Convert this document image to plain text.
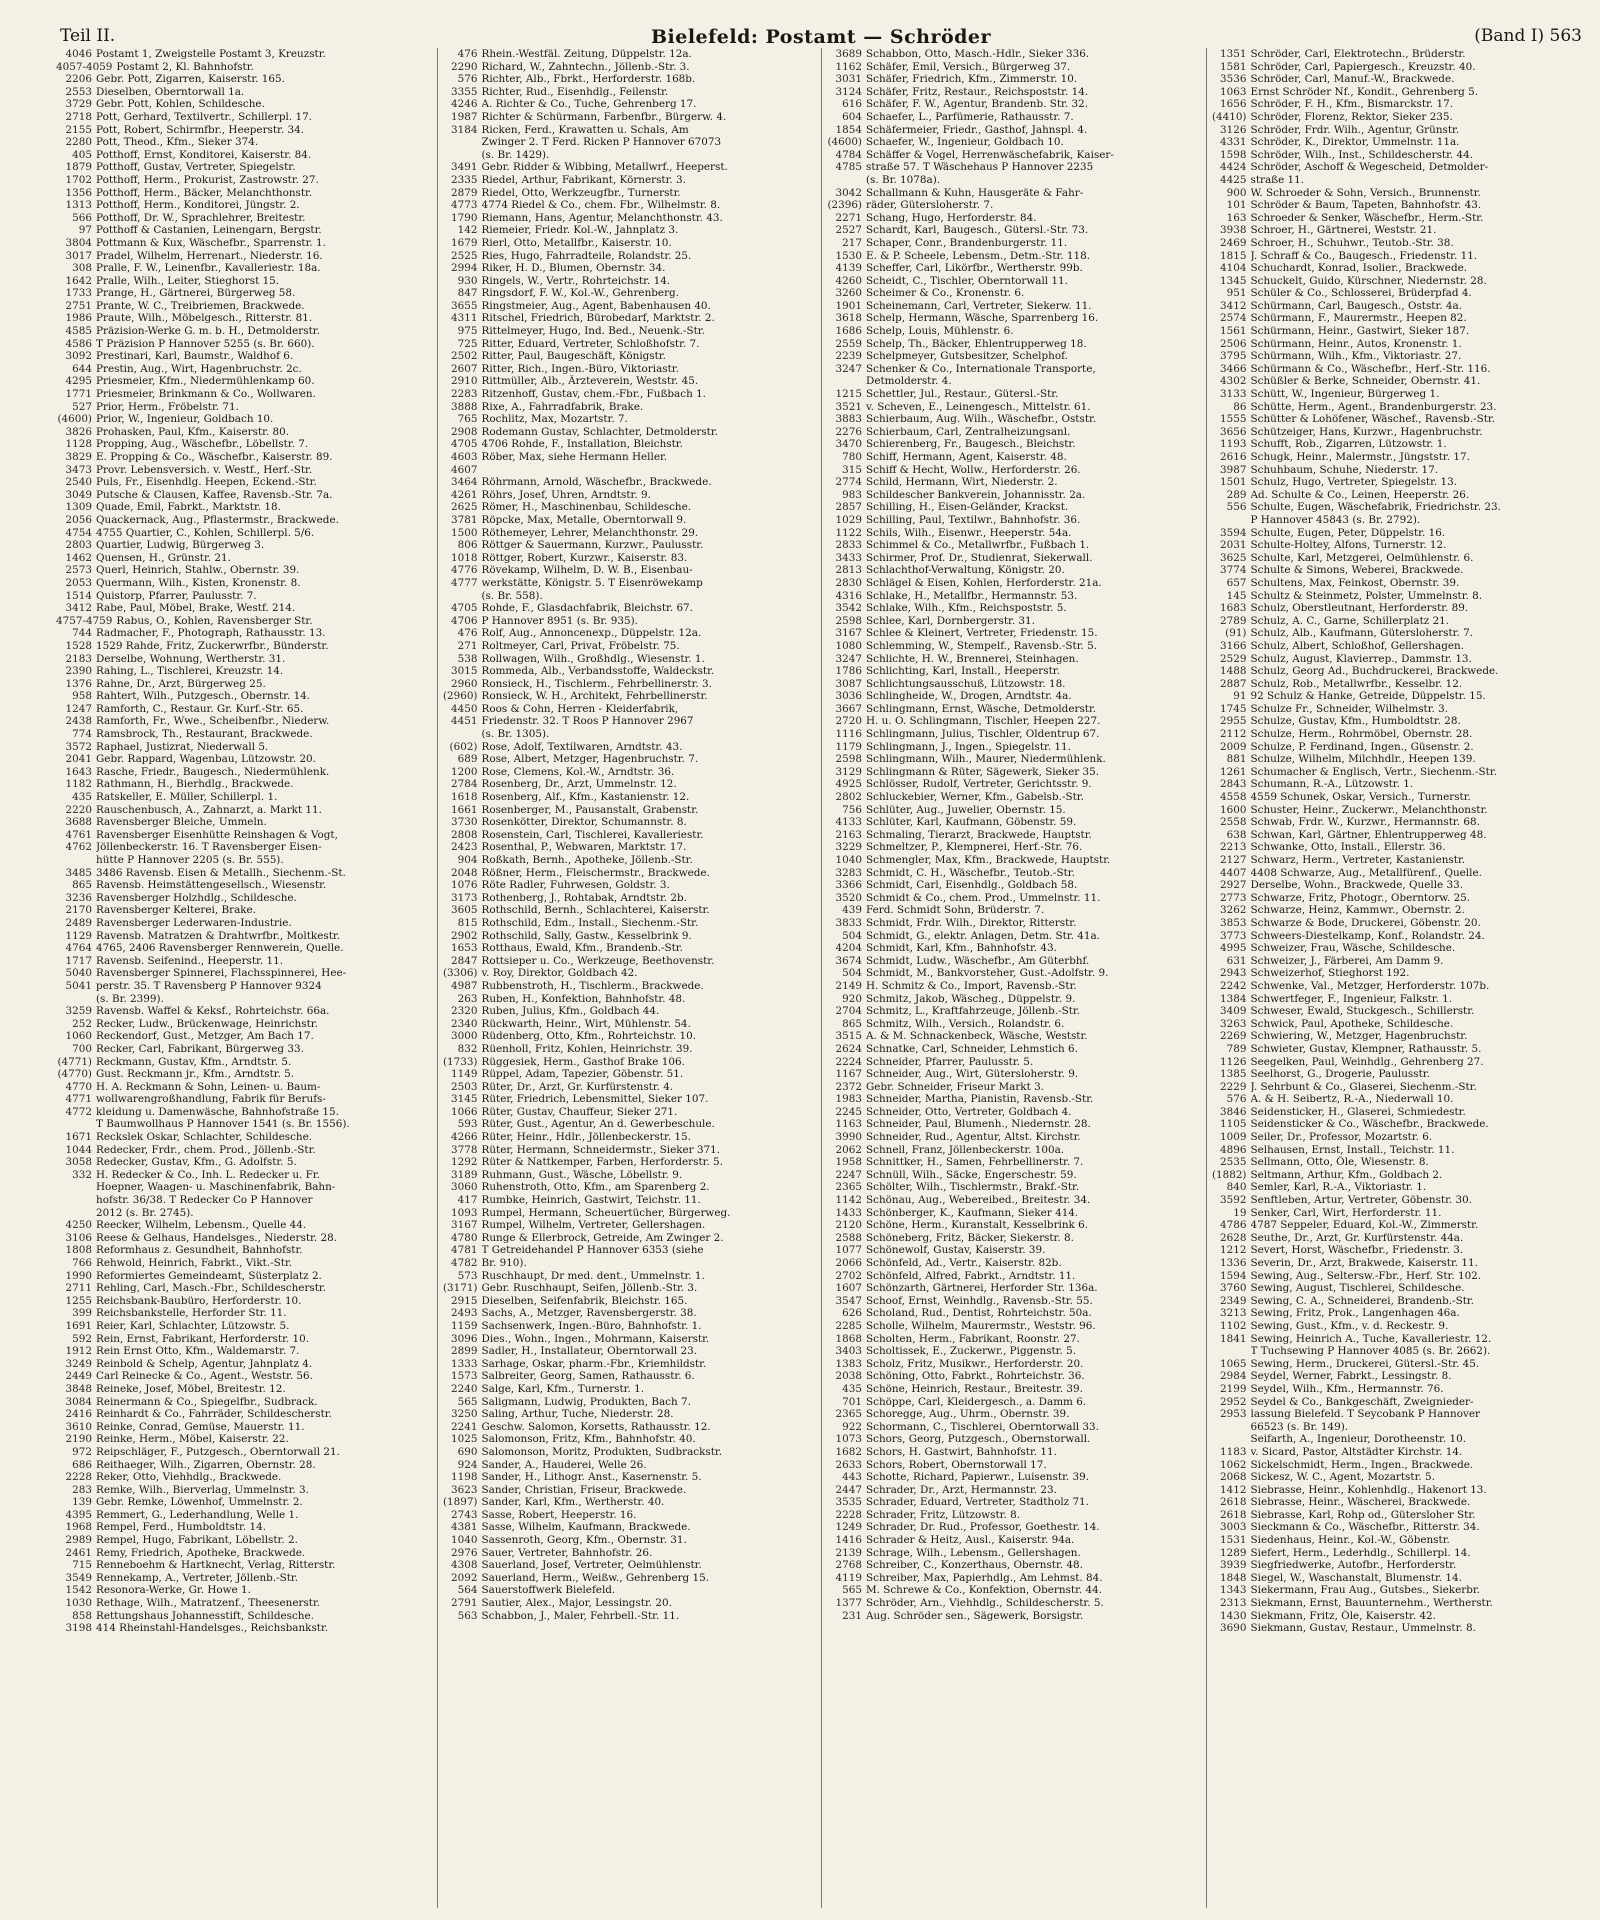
Teil II.	Bielefeld: Postamt — Schröder	(Band I) 563
4046 Postamt 1, Zweigstelle Postamt 3, Kreuzstr.
4057-4059 Postamt 2, Kl. Bahnhofstr.
2206 Gebr. Pott, Zigarren, Kaiserstr. 165.
2553 Dieselben, Oberntorwall 1a.
3729 Gebr. Pott, Kohlen, Schildesche.
2718 Pott, Gerhard, Textilvertr., Schillerpl. 17.
2155 Pott, Robert, Schirmfbr., Heeperstr. 34.
2280 Pott, Theod., Kfm., Sieker 374.
405 Potthoff, Ernst, Konditorei, Kaiserstr. 84.
1879 Potthoff, Gustav, Vertreter, Spiegelstr.
1702 Potthoff, Herm., Prokurist, Zastrowstr. 27.
1356 Potthoff, Herm., Bäcker, Melanchthonstr.
1313 Potthoff, Herm., Konditorei, Jüngstr. 2.
566 Potthoff, Dr. W., Sprachlehrer, Breitestr.
97 Potthoff & Castanien, Leinengarn, Bergstr.
3804 Pottmann & Kux, Wäschefbr., Sparrenstr. 1.
3017 Pradel, Wilhelm, Herrenart., Niederstr. 16.
308 Pralle, F. W., Leinenfbr., Kavalleriestr. 18a.
1642 Pralle, Wilh., Leiter, Stieghorst 15.
1733 Prange, H., Gärtnerei, Bürgerweg 58.
2751 Prante, W. C., Treibriemen, Brackwede.
1986 Praute, Wilh., Möbelgesch., Ritterstr. 81.
4585 Präzision-Werke G. m. b. H., Detmolderstr.
4586 T Präzision P Hannover 5255 (s. Br. 660).
3092 Prestinari, Karl, Baumstr., Waldhof 6.
644 Prestin, Aug., Wirt, Hagenbruchstr. 2c.
4295 Priesmeier, Kfm., Niedermühlenkamp 60.
1771 Priesmeier, Brinkmann & Co., Wollwaren.
527 Prior, Herm., Fröbelstr. 71.
(4600) Prior, W., Ingenieur, Goldbach 10.
3826 Prohasken, Paul, Kfm., Kaiserstr. 80.
1128 Propping, Aug., Wäschefbr., Löbellstr. 7.
3829 E. Propping & Co., Wäschefbr., Kaiserstr. 89.
3473 Provr. Lebensversich. v. Westf., Herf.-Str.
2540 Puls, Fr., Eisenhdlg. Heepen, Eckend.-Str.
3049 Putsche & Clausen, Kaffee, Ravensb.-Str. 7a.
1309 Quade, Emil, Fabrkt., Marktstr. 18.
2056 Quackernack, Aug., Pflastermstr., Brackwede.
4754 4755 Quartier, C., Kohlen, Schillerpl. 5/6.
2803 Quartier, Ludwig, Bürgerweg 3.
1462 Quensen, H., Grünstr. 21.
2573 Querl, Heinrich, Stahlw., Obernstr. 39.
2053 Quermann, Wilh., Kisten, Kronenstr. 8.
1514 Quistorp, Pfarrer, Paulusstr. 7.
3412 Rabe, Paul, Möbel, Brake, Westf. 214.
4757-4759 Rabus, O., Kohlen, Ravensberger Str.
744 Radmacher, F., Photograph, Rathausstr. 13.
1528 1529 Rahde, Fritz, Zuckerwrfbr., Bünderstr.
2183 Derselbe, Wohnung, Wertherstr. 31.
2390 Rahing, L., Tischlerei, Kreuzstr. 14.
1376 Rahne, Dr., Arzt, Bürgerweg 25.
958 Rahtert, Wilh., Putzgesch., Obernstr. 14.
1247 Ramforth, C., Restaur. Gr. Kurf.-Str. 65.
2438 Ramforth, Fr., Wwe., Scheibenfbr., Niederw.
774 Ramsbrock, Th., Restaurant, Brackwede.
3572 Raphael, Justizrat, Niederwall 5.
2041 Gebr. Rappard, Wagenbau, Lützowstr. 20.
1643 Rasche, Friedr., Baugesch., Niedermühlenk.
1182 Rathmann, H., Bierhdlg., Brackwede.
435 Ratskeller, E. Müller, Schillerpl. 1.
2220 Rauschenbusch, A., Zahnarzt, a. Markt 11.
3688 Ravensberger Bleiche, Ummeln.
4761 Ravensberger Eisenhütte Reinshagen & Vogt,
4762 Jöllenbeckerstr. 16. T Ravensberger Eisen-
hütte P Hannover 2205 (s. Br. 555).
3485 3486 Ravensb. Eisen & Metallh., Siechenm.-St.
865 Ravensb. Heimstättengesellsch., Wiesenstr.
3236 Ravensberger Holzhdlg., Schildesche.
2170 Ravensberger Kelterei, Brake.
2489 Ravensberger Lederwaren-Industrie.
1129 Ravensb. Matratzen & Drahtwrfbr., Moltkestr.
4764 4765, 2406 Ravensberger Rennwerein, Quelle.
1717 Ravensb. Seifenind., Heeperstr. 11.
5040 Ravensberger Spinnerei, Flachsspinnerei, Hee-
5041 perstr. 35. T Ravensberg P Hannover 9324
(s. Br. 2399).
3259 Ravensb. Waffel & Keksf., Rohrteichstr. 66a.
252 Recker, Ludw., Brückenwage, Heinrichstr.
1060 Reckendorf, Gust., Metzger, Am Bach 17.
700 Recker, Carl, Fabrikant, Bürgerweg 33.
(4771) Reckmann, Gustav, Kfm., Arndtstr. 5.
(4770) Gust. Reckmann jr., Kfm., Arndtstr. 5.
4770 H. A. Reckmann & Sohn, Leinen- u. Baum-
4771 wollwarengroßhandlung, Fabrik für Berufs-
4772 kleidung u. Damenwäsche, Bahnhofstraße 15.
T Baumwollhaus P Hannover 1541 (s. Br. 1556).
1671 Reckslek Oskar, Schlachter, Schildesche.
1044 Redecker, Frdr., chem. Prod., Jöllenb.-Str.
3058 Redecker, Gustav, Kfm., G. Adolfstr. 5.
332 H. Redecker & Co., Inh. L. Redecker u. Fr.
Hoepner, Waagen- u. Maschinenfabrik, Bahn-
hofstr. 36/38. T Redecker Co P Hannover
2012 (s. Br. 2745).
4250 Reecker, Wilhelm, Lebensm., Quelle 44.
3106 Reese & Gelhaus, Handelsges., Niederstr. 28.
1808 Reformhaus z. Gesundheit, Bahnhofstr.
766 Rehwold, Heinrich, Fabrkt., Vikt.-Str.
1990 Reformiertes Gemeindeamt, Süsterplatz 2.
2711 Rehling, Carl, Masch.-Fbr., Schildescherstr.
1255 Reichsbank-Baubüro, Herforderstr. 10.
399 Reichsbankstelle, Herforder Str. 11.
1691 Reier, Karl, Schlachter, Lützowstr. 5.
592 Rein, Ernst, Fabrikant, Herforderstr. 10.
1912 Rein Ernst Otto, Kfm., Waldemarstr. 7.
3249 Reinbold & Schelp, Agentur, Jahnplatz 4.
2449 Carl Reinecke & Co., Agent., Weststr. 56.
3848 Reineke, Josef, Möbel, Breitestr. 12.
3084 Reinermann & Co., Spiegelfbr., Sudbrack.
2416 Reinhardt & Co., Fahrräder, Schildescherstr.
3610 Reinke, Conrad, Gemüse, Mauerstr. 11.
2190 Reinke, Herm., Möbel, Kaiserstr. 22.
972 Reipschläger, F., Putzgesch., Oberntorwall 21.
686 Reithaeger, Wilh., Zigarren, Obernstr. 28.
2228 Reker, Otto, Viehhdlg., Brackwede.
283 Remke, Wilh., Bierverlag, Ummelnstr. 3.
139 Gebr. Remke, Löwenhof, Ummelnstr. 2.
4395 Remmert, G., Lederhandlung, Welle 1.
1968 Rempel, Ferd., Humboldtstr. 14.
2989 Rempel, Hugo, Fabrikant, Löbellstr. 2.
2461 Remy, Friedrich, Apotheke, Brackwede.
715 Renneboehm & Hartknecht, Verlag, Ritterstr.
3549 Rennekamp, A., Vertreter, Jöllenb.-Str.
1542 Resonora-Werke, Gr. Howe 1.
1030 Rethage, Wilh., Matratzenf., Theesenerstr.
858 Rettungshaus Johannesstift, Schildesche.
3198 414 Rheinstahl-Handelsges., Reichsbankstr.
476 Rhein.-Westfäl. Zeitung, Düppelstr. 12a.
2290 Richard, W., Zahntechn., Jöllenb.-Str. 3.
576 Richter, Alb., Fbrkt., Herforderstr. 168b.
3355 Richter, Rud., Eisenhdlg., Feilenstr.
4246 A. Richter & Co., Tuche, Gehrenberg 17.
1987 Richter & Schürmann, Farbenfbr., Bürgerw. 4.
3184 Ricken, Ferd., Krawatten u. Schals, Am
Zwinger 2. T Ferd. Ricken P Hannover 67073
(s. Br. 1429).
3491 Gebr. Ridder & Wibbing, Metallwrf., Heeperst.
2335 Riedel, Arthur, Fabrikant, Körnerstr. 3.
2879 Riedel, Otto, Werkzeugfbr., Turnerstr.
4773 4774 Riedel & Co., chem. Fbr., Wilhelmstr. 8.
1790 Riemann, Hans, Agentur, Melanchthonstr. 43.
142 Riemeier, Friedr. Kol.-W., Jahnplatz 3.
1679 Rierl, Otto, Metallfbr., Kaiserstr. 10.
2525 Ries, Hugo, Fahrradteile, Rolandstr. 25.
2994 Riker, H. D., Blumen, Obernstr. 34.
930 Ringels, W., Vertr., Rohrteichstr. 14.
847 Ringsdorf, F. W., Kol.-W., Gehrenberg.
3655 Ringstmeier, Aug., Agent, Babenhausen 40.
4311 Ritschel, Friedrich, Bürobedarf, Marktstr. 2.
975 Rittelmeyer, Hugo, Ind. Bed., Neuenk.-Str.
725 Ritter, Eduard, Vertreter, Schloßhofstr. 7.
2502 Ritter, Paul, Baugeschäft, Königstr.
2607 Ritter, Rich., Ingen.-Büro, Viktoriastr.
2910 Rittmüller, Alb., Ärzteverein, Weststr. 45.
2283 Ritzenhoff, Gustav, chem.-Fbr., Fußbach 1.
3888 Rixe, A., Fahrradfabrik, Brake.
765 Rochlitz, Max, Mozartstr. 7.
2908 Rodemann Gustav, Schlachter, Detmolderstr.
4705 4706 Rohde, F., Installation, Bleichstr.
4603 Röber, Max, siehe Hermann Heller.
4607
3464 Röhrmann, Arnold, Wäschefbr., Brackwede.
4261 Röhrs, Josef, Uhren, Arndtstr. 9.
2625 Römer, H., Maschinenbau, Schildesche.
3781 Röpcke, Max, Metalle, Oberntorwall 9.
1500 Röthemeyer, Lehrer, Melanchthonstr. 29.
806 Röttger & Sauermann, Kurzwr., Paulusstr.
1018 Röttger, Robert, Kurzwr., Kaiserstr. 83.
4776 Rövekamp, Wilhelm, D. W. B., Eisenbau-
4777 werkstätte, Königstr. 5. T Eisenröwekamp
(s. Br. 558).
4705 Rohde, F., Glasdachfabrik, Bleichstr. 67.
4706 P Hannover 8951 (s. Br. 935).
476 Rolf, Aug., Annoncenexp., Düppelstr. 12a.
271 Roltmeyer, Carl, Privat, Fröbelstr. 75.
538 Rollwagen, Wilh., Großhdlg., Wiesenstr. 1.
3015 Rommeda, Alb., Verbandsstoffe, Waldeckstr.
2960 Ronsieck, H., Tischlerm., Fehrbellinerstr. 3.
(2960) Ronsieck, W. H., Architekt, Fehrbellinerstr.
4450 Roos & Cohn, Herren - Kleiderfabrik,
4451 Friedenstr. 32. T Roos P Hannover 2967
(s. Br. 1305).
(602) Rose, Adolf, Textilwaren, Arndtstr. 43.
689 Rose, Albert, Metzger, Hagenbruchstr. 7.
1200 Rose, Clemens, Kol.-W., Arndtstr. 36.
2784 Rosenberg, Dr., Arzt, Ummelnstr. 12.
1618 Rosenberg, Alf., Kfm., Kastanienstr. 12.
1661 Rosenberger, M., Pausanstalt, Grabenstr.
3730 Rosenkötter, Direktor, Schumannstr. 8.
2808 Rosenstein, Carl, Tischlerei, Kavalleriestr.
2423 Rosenthal, P., Webwaren, Marktstr. 17.
904 Roßkath, Bernh., Apotheke, Jöllenb.-Str.
2048 Rößner, Herm., Fleischermstr., Brackwede.
1076 Röte Radler, Fuhrwesen, Goldstr. 3.
3173 Rothenberg, J., Rohtabak, Arndtstr. 2b.
3605 Rothschild, Bernh., Schlachterei, Kaiserstr.
815 Rothschild, Edm., Install., Siechenm.-Str.
2902 Rothschild, Sally, Gastw., Kesselbrink 9.
1653 Rotthaus, Ewald, Kfm., Brandenb.-Str.
2847 Rottsieper u. Co., Werkzeuge, Beethovenstr.
(3306) v. Roy, Direktor, Goldbach 42.
4987 Rubbenstroth, H., Tischlerm., Brackwede.
263 Ruben, H., Konfektion, Bahnhofstr. 48.
2320 Ruben, Julius, Kfm., Goldbach 44.
2340 Rückwarth, Heinr., Wirt, Mühlenstr. 54.
3000 Rüdenberg, Otto, Kfm., Rohrteichstr. 10.
832 Rüenholl, Fritz, Kohlen, Heinrichstr. 39.
(1733) Rüggesiek, Herm., Gasthof Brake 106.
1149 Rüppel, Adam, Tapezier, Göbenstr. 51.
2503 Rüter, Dr., Arzt, Gr. Kurfürstenstr. 4.
3145 Rüter, Friedrich, Lebensmittel, Sieker 107.
1066 Rüter, Gustav, Chauffeur, Sieker 271.
593 Rüter, Gust., Agentur, An d. Gewerbeschule.
4266 Rüter, Heinr., Hdlr., Jöllenbeckerstr. 15.
3778 Rüter, Hermann, Schneidermstr., Sieker 371.
1292 Rüter & Nattkemper, Farben, Herforderstr. 5.
3189 Ruhmann, Gust., Wäsche, Löbellstr. 9.
3060 Ruhenstroth, Otto, Kfm., am Sparenberg 2.
417 Rumbke, Heinrich, Gastwirt, Teichstr. 11.
1093 Rumpel, Hermann, Scheuertücher, Bürgerweg.
3167 Rumpel, Wilhelm, Vertreter, Gellershagen.
4780 Runge & Ellerbrock, Getreide, Am Zwinger 2.
4781 T Getreidehandel P Hannover 6353 (siehe
4782 Br. 910).
573 Ruschhaupt, Dr med. dent., Ummelnstr. 1.
(3171) Gebr. Ruschhaupt, Seifen, Jöllenb.-Str. 3.
2915 Dieselben, Seifenfabrik, Bleichstr. 165.
2493 Sachs, A., Metzger, Ravensbergerstr. 38.
1159 Sachsenwerk, Ingen.-Büro, Bahnhofstr. 1.
3096 Dies., Wohn., Ingen., Mohrmann, Kaiserstr.
2899 Sadler, H., Installateur, Oberntorwall 23.
1333 Sarhage, Oskar, pharm.-Fbr., Kriemhildstr.
1573 Salbreiter, Georg, Samen, Rathausstr. 6.
2240 Salge, Karl, Kfm., Turnerstr. 1.
565 Saligmann, Ludwig, Produkten, Bach 7.
3250 Saling, Arthur, Tuche, Niederstr. 28.
2241 Geschw. Salomon, Korsetts, Rathausstr. 12.
1025 Salomonson, Fritz, Kfm., Bahnhofstr. 40.
690 Salomonson, Moritz, Produkten, Sudbrackstr.
924 Sander, A., Hauderei, Welle 26.
1198 Sander, H., Lithogr. Anst., Kasernenstr. 5.
3623 Sander, Christian, Friseur, Brackwede.
(1897) Sander, Karl, Kfm., Wertherstr. 40.
2743 Sasse, Robert, Heeperstr. 16.
4381 Sasse, Wilhelm, Kaufmann, Brackwede.
1040 Sassenroth, Georg, Kfm., Obernstr. 31.
2976 Sauer, Vertreter, Bahnhofstr. 26.
4308 Sauerland, Josef, Vertreter, Oelmühlenstr.
2092 Sauerland, Herm., Weißw., Gehrenberg 15.
564 Sauerstoffwerk Bielefeld.
2791 Sautier, Alex., Major, Lessingstr. 20.
563 Schabbon, J., Maler, Fehrbell.-Str. 11.
3689 Schabbon, Otto, Masch.-Hdlr., Sieker 336.
1162 Schäfer, Emil, Versich., Bürgerweg 37.
3031 Schäfer, Friedrich, Kfm., Zimmerstr. 10.
3124 Schäfer, Fritz, Restaur., Reichspoststr. 14.
616 Schäfer, F. W., Agentur, Brandenb. Str. 32.
604 Schaefer, L., Parfümerie, Rathausstr. 7.
1854 Schäfermeier, Friedr., Gasthof, Jahnspl. 4.
(4600) Schaefer, W., Ingenieur, Goldbach 10.
4784 Schäffer & Vogel, Herrenwäschefabrik, Kaiser-
4785 straße 57. T Wäschehaus P Hannover 2235
(s. Br. 1078a).
3042 Schallmann & Kuhn, Hausgeräte & Fahr-
(2396) räder, Gütersloherstr. 7.
2271 Schang, Hugo, Herforderstr. 84.
2527 Schardt, Karl, Baugesch., Gütersl.-Str. 73.
217 Schaper, Conr., Brandenburgerstr. 11.
1530 E. & P. Scheele, Lebensm., Detm.-Str. 118.
4139 Scheffer, Carl, Likörfbr., Wertherstr. 99b.
4260 Scheidt, C., Tischler, Oberntorwall 11.
3260 Scheimer & Co., Kronenstr. 6.
1901 Scheinemann, Carl, Vertreter, Siekerw. 11.
3618 Schelp, Hermann, Wäsche, Sparrenberg 16.
1686 Schelp, Louis, Mühlenstr. 6.
2559 Schelp, Th., Bäcker, Ehlentrupperweg 18.
2239 Schelpmeyer, Gutsbesitzer, Schelphof.
3247 Schenker & Co., Internationale Transporte,
Detmolderstr. 4.
1215 Schettler, Jul., Restaur., Gütersl.-Str.
3521 v. Scheven, E., Leinengesch., Mittelstr. 61.
3883 Schierbaum, Aug. Wilh., Wäschefbr., Oststr.
2276 Schierbaum, Carl, Zentralheizungsanl.
3470 Schierenberg, Fr., Baugesch., Bleichstr.
780 Schiff, Hermann, Agent, Kaiserstr. 48.
315 Schiff & Hecht, Wollw., Herforderstr. 26.
2774 Schild, Hermann, Wirt, Niederstr. 2.
983 Schildescher Bankverein, Johannisstr. 2a.
2857 Schilling, H., Eisen-Geländer, Krackst.
1029 Schilling, Paul, Textilwr., Bahnhofstr. 36.
1122 Schils, Wilh., Eisenwr., Heeperstr. 54a.
2833 Schimmel & Co., Metallwrfbr., Fußbach 1.
3433 Schirmer, Prof. Dr., Studienrat, Siekerwall.
2813 Schlachthof-Verwaltung, Königstr. 20.
2830 Schlägel & Eisen, Kohlen, Herforderstr. 21a.
4316 Schlake, H., Metallfbr., Hermannstr. 53.
3542 Schlake, Wilh., Kfm., Reichspoststr. 5.
2598 Schlee, Karl, Dornbergerstr. 31.
3167 Schlee & Kleinert, Vertreter, Friedenstr. 15.
1080 Schlemming, W., Stempelf., Ravensb.-Str. 5.
3247 Schlichte, H. W., Brennerei, Steinhagen.
1786 Schlichting, Karl, Install., Heeperstr.
3087 Schlichtungsausschuß, Lützowstr. 18.
3036 Schlingheide, W., Drogen, Arndtstr. 4a.
3667 Schlingmann, Ernst, Wäsche, Detmolderstr.
2720 H. u. O. Schlingmann, Tischler, Heepen 227.
1116 Schlingmann, Julius, Tischler, Oldentrup 67.
1179 Schlingmann, J., Ingen., Spiegelstr. 11.
2598 Schlingmann, Wilh., Maurer, Niedermühlenk.
3129 Schlingmann & Rüter, Sägewerk, Sieker 35.
4925 Schlösser, Rudolf, Vertreter, Gerichtsstr. 9.
2802 Schluckebier, Werner, Kfm., Gabelsb.-Str.
756 Schlüter, Aug., Juwelier, Obernstr. 15.
4133 Schlüter, Karl, Kaufmann, Göbenstr. 59.
2163 Schmaling, Tierarzt, Brackwede, Hauptstr.
3229 Schmeltzer, P., Klempnerei, Herf.-Str. 76.
1040 Schmengler, Max, Kfm., Brackwede, Hauptstr.
3283 Schmidt, C. H., Wäschefbr., Teutob.-Str.
3366 Schmidt, Carl, Eisenhdlg., Goldbach 58.
3520 Schmidt & Co., chem. Prod., Ummelnstr. 11.
439 Ferd. Schmidt Sohn, Brüderstr. 7.
3833 Schmidt, Frdr. Wilh., Direktor, Ritterstr.
504 Schmidt, G., elektr. Anlagen, Detm. Str. 41a.
4204 Schmidt, Karl, Kfm., Bahnhofstr. 43.
3674 Schmidt, Ludw., Wäschefbr., Am Güterbhf.
504 Schmidt, M., Bankvorsteher, Gust.-Adolfstr. 9.
2149 H. Schmitz & Co., Import, Ravensb.-Str.
920 Schmitz, Jakob, Wäscheg., Düppelstr. 9.
2704 Schmitz, L., Kraftfahrzeuge, Jöllenb.-Str.
865 Schmitz, Wilh., Versich., Rolandstr. 6.
3515 A. & M. Schnackenbeck, Wäsche, Weststr.
2624 Schnatke, Carl, Schneider, Lehmstich 6.
2224 Schneider, Pfarrer, Paulusstr. 5.
1167 Schneider, Aug., Wirt, Gütersloherstr. 9.
2372 Gebr. Schneider, Friseur Markt 3.
1983 Schneider, Martha, Pianistin, Ravensb.-Str.
2245 Schneider, Otto, Vertreter, Goldbach 4.
1163 Schneider, Paul, Blumenh., Niedernstr. 28.
3990 Schneider, Rud., Agentur, Altst. Kirchstr.
2062 Schnell, Franz, Jöllenbeckerstr. 100a.
1958 Schnittker, H., Samen, Fehrbellinerstr. 7.
2247 Schnüll, Wilh., Säckе, Engerschestr. 59.
2365 Schölter, Wilh., Tischlermstr., Brakf.-Str.
1142 Schönau, Aug., Webereibed., Breitestr. 34.
1433 Schönberger, K., Kaufmann, Sieker 414.
2120 Schöne, Herm., Kuranstalt, Kesselbrink 6.
2588 Schöneberg, Fritz, Bäcker, Siekerstr. 8.
1077 Schönewolf, Gustav, Kaiserstr. 39.
2066 Schönfeld, Ad., Vertr., Kaiserstr. 82b.
2702 Schönfeld, Alfred, Fabrkt., Arndtstr. 11.
1607 Schönzarth, Gärtnerei, Herforder Str. 136a.
3547 Schoof, Ernst, Weinhdlg., Ravensb.-Str. 55.
626 Scholand, Rud., Dentist, Rohrteichstr. 50a.
2285 Scholle, Wilhelm, Maurermstr., Weststr. 96.
1868 Scholten, Herm., Fabrikant, Roonstr. 27.
3403 Scholtissek, E., Zuckerwr., Piggenstr. 5.
1383 Scholz, Fritz, Musikwr., Herforderstr. 20.
2038 Schöning, Otto, Fabrkt., Rohrteichstr. 36.
435 Schöne, Heinrich, Restaur., Breitestr. 39.
701 Schöppe, Carl, Kleidergesch., a. Damm 6.
2365 Schoreggе, Aug., Uhrm., Obernstr. 39.
922 Schormann, C., Tischlerei, Oberntorwall 33.
1073 Schors, Georg, Putzgesch., Obernstorwall.
1682 Schors, H. Gastwirt, Bahnhofstr. 11.
2633 Schors, Robert, Obernstorwall 17.
443 Schotte, Richard, Papierwr., Luisenstr. 39.
2447 Schrader, Dr., Arzt, Hermannstr. 23.
3535 Schrader, Eduard, Vertreter, Stadtholz 71.
2228 Schrader, Fritz, Lützowstr. 8.
1249 Schrader, Dr. Rud., Professor, Goethestr. 14.
1416 Schrader & Heitz, Ausl., Kaiserstr. 94a.
2139 Schrage, Wilh., Lebensm., Gellershagen.
2768 Schreiber, C., Konzerthaus, Obernstr. 48.
4119 Schreiber, Max, Papierhdlg., Am Lehmst. 84.
565 M. Schrewe & Co., Konfektion, Obernstr. 44.
1377 Schröder, Arn., Viehhdlg., Schildescherstr. 5.
231 Aug. Schröder sen., Sägewerk, Borsigstr.
1351 Schröder, Carl, Elektrotechn., Brüderstr.
1581 Schröder, Carl, Papiergesch., Kreuzstr. 40.
3536 Schröder, Carl, Manuf.-W., Brackwede.
1063 Ernst Schröder Nf., Kondit., Gehrenberg 5.
1656 Schröder, F. H., Kfm., Bismarckstr. 17.
(4410) Schröder, Florenz, Rektor, Sieker 235.
3126 Schröder, Frdr. Wilh., Agentur, Grünstr.
4331 Schröder, K., Direktor, Ummelnstr. 11a.
1598 Schröder, Wilh., Inst., Schildescherstr. 44.
4424 Schröder, Aschoff & Wegescheid, Detmolder-
4425 straße 11.
900 W. Schroeder & Sohn, Versich., Brunnenstr.
101 Schröder & Baum, Tapeten, Bahnhofstr. 43.
163 Schroeder & Senker, Wäschefbr., Herm.-Str.
3938 Schroer, H., Gärtnerei, Weststr. 21.
2469 Schroer, H., Schuhwr., Teutob.-Str. 38.
1815 J. Schraff & Co., Baugesch., Friedenstr. 11.
4104 Schuchardt, Konrad, Isolier., Brackwede.
1345 Schuckelt, Guido, Kürschner, Niedernstr. 28.
951 Schüler & Co., Schlosserei, Brüderpfad 4.
3412 Schürmann, Carl, Baugesch., Oststr. 4a.
2574 Schürmann, F., Maurermstr., Heepen 82.
1561 Schürmann, Heinr., Gastwirt, Sieker 187.
2506 Schürmann, Heinr., Autos, Kronenstr. 1.
3795 Schürmann, Wilh., Kfm., Viktoriastr. 27.
3466 Schürmann & Co., Wäschefbr., Herf.-Str. 116.
4302 Schüßler & Berke, Schneider, Obernstr. 41.
3133 Schütt, W., Ingenieur, Bürgerweg 1.
86 Schütte, Herm., Agent., Brandenburgerstr. 23.
1555 Schütter & Lohöfener, Wäschef., Ravensb.-Str.
3656 Schützeiger, Hans, Kurzwr., Hagenbruchstr.
1193 Schufft, Rob., Zigarren, Lützowstr. 1.
2616 Schugk, Heinr., Malermstr., Jüngststr. 17.
3987 Schuhbaum, Schuhe, Niederstr. 17.
1501 Schulz, Hugo, Vertreter, Spiegelstr. 13.
289 Ad. Schulte & Co., Leinen, Heeperstr. 26.
556 Schulte, Eugen, Wäschefabrik, Friedrichstr. 23.
P Hannover 45843 (s. Br. 2792).
3594 Schulte, Eugen, Peter, Düppelstr. 16.
2031 Schulte-Holtey, Alfons, Turnerstr. 12.
3625 Schulte, Karl, Metzgerei, Oelmühlenstr. 6.
3774 Schulte & Simons, Weberei, Brackwede.
657 Schultens, Max, Feinkost, Obernstr. 39.
145 Schultz & Steinmetz, Polster, Ummelnstr. 8.
1683 Schulz, Oberstleutnant, Herforderstr. 89.
2789 Schulz, A. C., Garne, Schillerplatz 21.
(91) Schulz, Alb., Kaufmann, Gütersloherstr. 7.
3166 Schulz, Albert, Schloßhof, Gellershagen.
2529 Schulz, August, Klavierrep., Dammstr. 13.
1488 Schulz, Georg Ad., Buchdruckerei, Brackwede.
2887 Schulz, Rob., Metallwrfbr., Kesselbr. 12.
91 92 Schulz & Hanke, Getreide, Düppelstr. 15.
1745 Schulze Fr., Schneider, Wilhelmstr. 3.
2955 Schulze, Gustav, Kfm., Humboldtstr. 28.
2112 Schulze, Herm., Rohrmöbel, Obernstr. 28.
2009 Schulze, P. Ferdinand, Ingen., Güsenstr. 2.
881 Schulze, Wilhelm, Milchhdlr., Heepen 139.
1261 Schumacher & Englisch, Vertr., Siechenm.-Str.
2843 Schumann, R.-A., Lützowstr. 1.
4558 4559 Schunek, Oskar, Versich., Turnerstr.
1600 Schuster, Heinr., Zuckerwr., Melanchthonstr.
2558 Schwab, Frdr. W., Kurzwr., Hermannstr. 68.
638 Schwan, Karl, Gärtner, Ehlentrupperweg 48.
2213 Schwanke, Otto, Install., Ellerstr. 36.
2127 Schwarz, Herm., Vertreter, Kastanienstr.
4407 4408 Schwarze, Aug., Metallfürenf., Quelle.
2927 Derselbe, Wohn., Brackwede, Quelle 33.
2773 Schwarze, Fritz, Photogr., Oberntorw. 25.
3262 Schwarze, Heinz, Kammwr., Obernstr. 2.
3853 Schwarze & Bode, Druckerei, Göbenstr. 20.
3773 Schweers-Diestelkamp, Konf., Rolandstr. 24.
4995 Schweizer, Frau, Wäsche, Schildesche.
631 Schweizer, J., Färberei, Am Damm 9.
2943 Schweizerhof, Stieghorst 192.
2242 Schwenke, Val., Metzger, Herforderstr. 107b.
1384 Schwertfeger, F., Ingenieur, Falkstr. 1.
3409 Schweser, Ewald, Stuckgesch., Schillerstr.
3263 Schwick, Paul, Apotheke, Schildesche.
2269 Schwiering, W., Metzger, Hagenbruchstr.
789 Schwieter, Gustav, Klempner, Rathausstr. 5.
1126 Seegelken, Paul, Weinhdlg., Gehrenberg 27.
1385 Seelhorst, G., Drogerie, Paulusstr.
2229 J. Sehrbunt & Co., Glaserei, Siechenm.-Str.
576 A. & H. Seibertz, R.-A., Niederwall 10.
3846 Seidensticker, H., Glaserei, Schmiedestr.
1105 Seidensticker & Co., Wäschefbr., Brackwede.
1009 Seiler, Dr., Professor, Mozartstr. 6.
4896 Selhausen, Ernst, Install., Teichstr. 11.
2535 Sellmann, Otto, Öle, Wiesenstr. 8.
(1882) Seltmann, Arthur, Kfm., Goldbach 2.
840 Semler, Karl, R.-A., Viktoriastr. 1.
3592 Senftleben, Artur, Vertreter, Göbenstr. 30.
19 Senker, Carl, Wirt, Herforderstr. 11.
4786 4787 Seppeler, Eduard, Kol.-W., Zimmerstr.
2628 Seuthe, Dr., Arzt, Gr. Kurfürstenstr. 44a.
1212 Severt, Horst, Wäschefbr., Friedenstr. 3.
1336 Severin, Dr., Arzt, Brakwede, Kaiserstr. 11.
1594 Sewing, Aug., Seltersw.-Fbr., Herf. Str. 102.
3760 Sewing, August, Tischlerei, Schildesche.
2349 Sewing, C. A., Schneiderei, Brandenb.-Str.
3213 Sewing, Fritz, Prok., Langenhagen 46a.
1102 Sewing, Gust., Kfm., v. d. Reckestr. 9.
1841 Sewing, Heinrich A., Tuche, Kavalleriestr. 12.
T Tuchsewing P Hannover 4085 (s. Br. 2662).
1065 Sewing, Herm., Druckerei, Gütersl.-Str. 45.
2984 Seydel, Werner, Fabrkt., Lessingstr. 8.
2199 Seydel, Wilh., Kfm., Hermannstr. 76.
2952 Seydel & Co., Bankgeschäft, Zweignieder-
2953 lassung Bielefeld. T Seycobank P Hannover
66523 (s. Br. 149).
Seifarth, A., Ingenieur, Dorotheenstr. 10.
1183 v. Sicard, Pastor, Altstädter Kirchstr. 14.
1062 Sickelschmidt, Herm., Ingen., Brackwede.
2068 Sickesz, W. C., Agent, Mozartstr. 5.
1412 Siebrasse, Heinr., Kohlenhdlg., Hakenort 13.
2618 Siebrasse, Heinr., Wäscherei, Brackwede.
2618 Siebrasse, Karl, Rohp od., Gütersloher Str.
3003 Sieckmann & Co., Wäschefbr., Ritterstr. 34.
1531 Siedenhaus, Heinr., Kol.-W., Göbenstr.
1289 Siefert, Herm., Lederhdlg., Schillerpl. 14.
3939 Siegfriedwerke, Autofbr., Herforderstr.
1848 Siegel, W., Waschanstalt, Blumenstr. 14.
1343 Siekermann, Frau Aug., Gutsbes., Siekerbr.
2313 Siekmann, Ernst, Bauunternehm., Wertherstr.
1430 Siekmann, Fritz, Öle, Kaiserstr. 42.
3690 Siekmann, Gustav, Restaur., Ummelnstr. 8.
